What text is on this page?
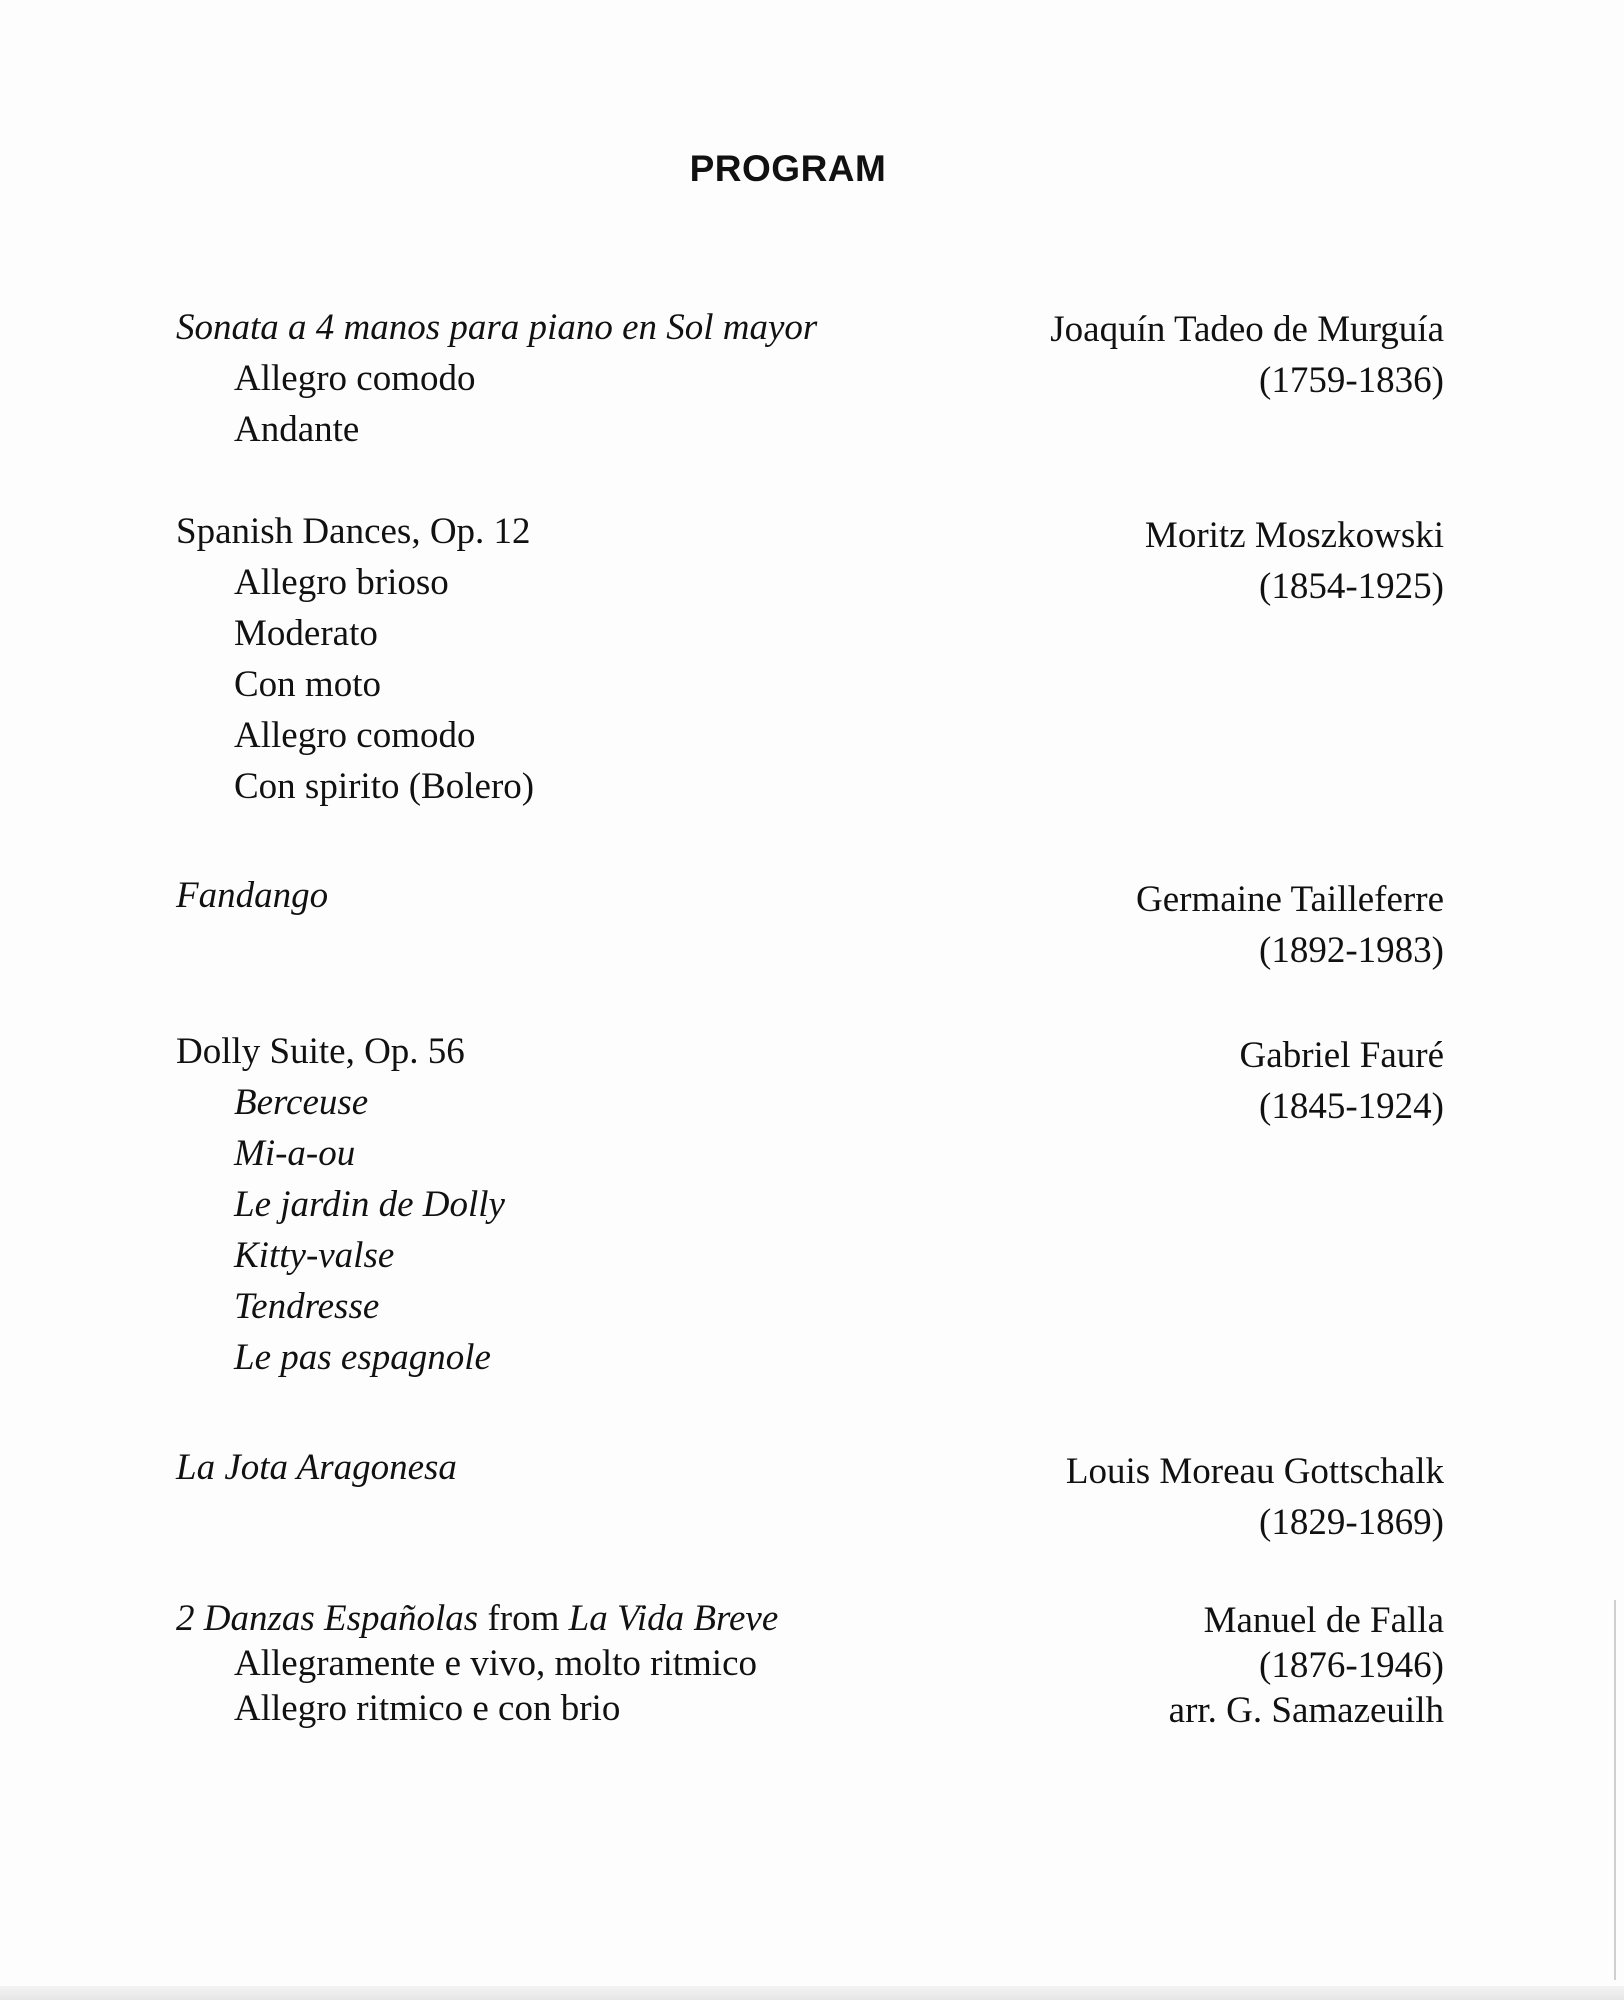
PROGRAM
Sonata a 4 manos para piano en Sol mayor
Allegro comodo
Andante
Joaquín Tadeo de Murguía
(1759-1836)
Spanish Dances, Op. 12
Allegro brioso
Moderato
Con moto
Allegro comodo
Con spirito (Bolero)
Moritz Moszkowski
(1854-1925)
Fandango	Germaine Tailleferre
(1892-1983)
Dolly Suite, Op. 56
Berceuse
Mi-a-ou
Le jardin de Dolly
Kitty-valse
Tendresse
Le pas espagnole
Gabriel Fauré
(1845-1924)
La Jota Aragonesa	Louis Moreau Gottschalk
(1829-1869)
2 Danzas Españolas from La Vida Breve
Allegramente e vivo, molto ritmico
Allegro ritmico e con brio
Manuel de Falla
(1876-1946)
arr. G. Samazeuilh
